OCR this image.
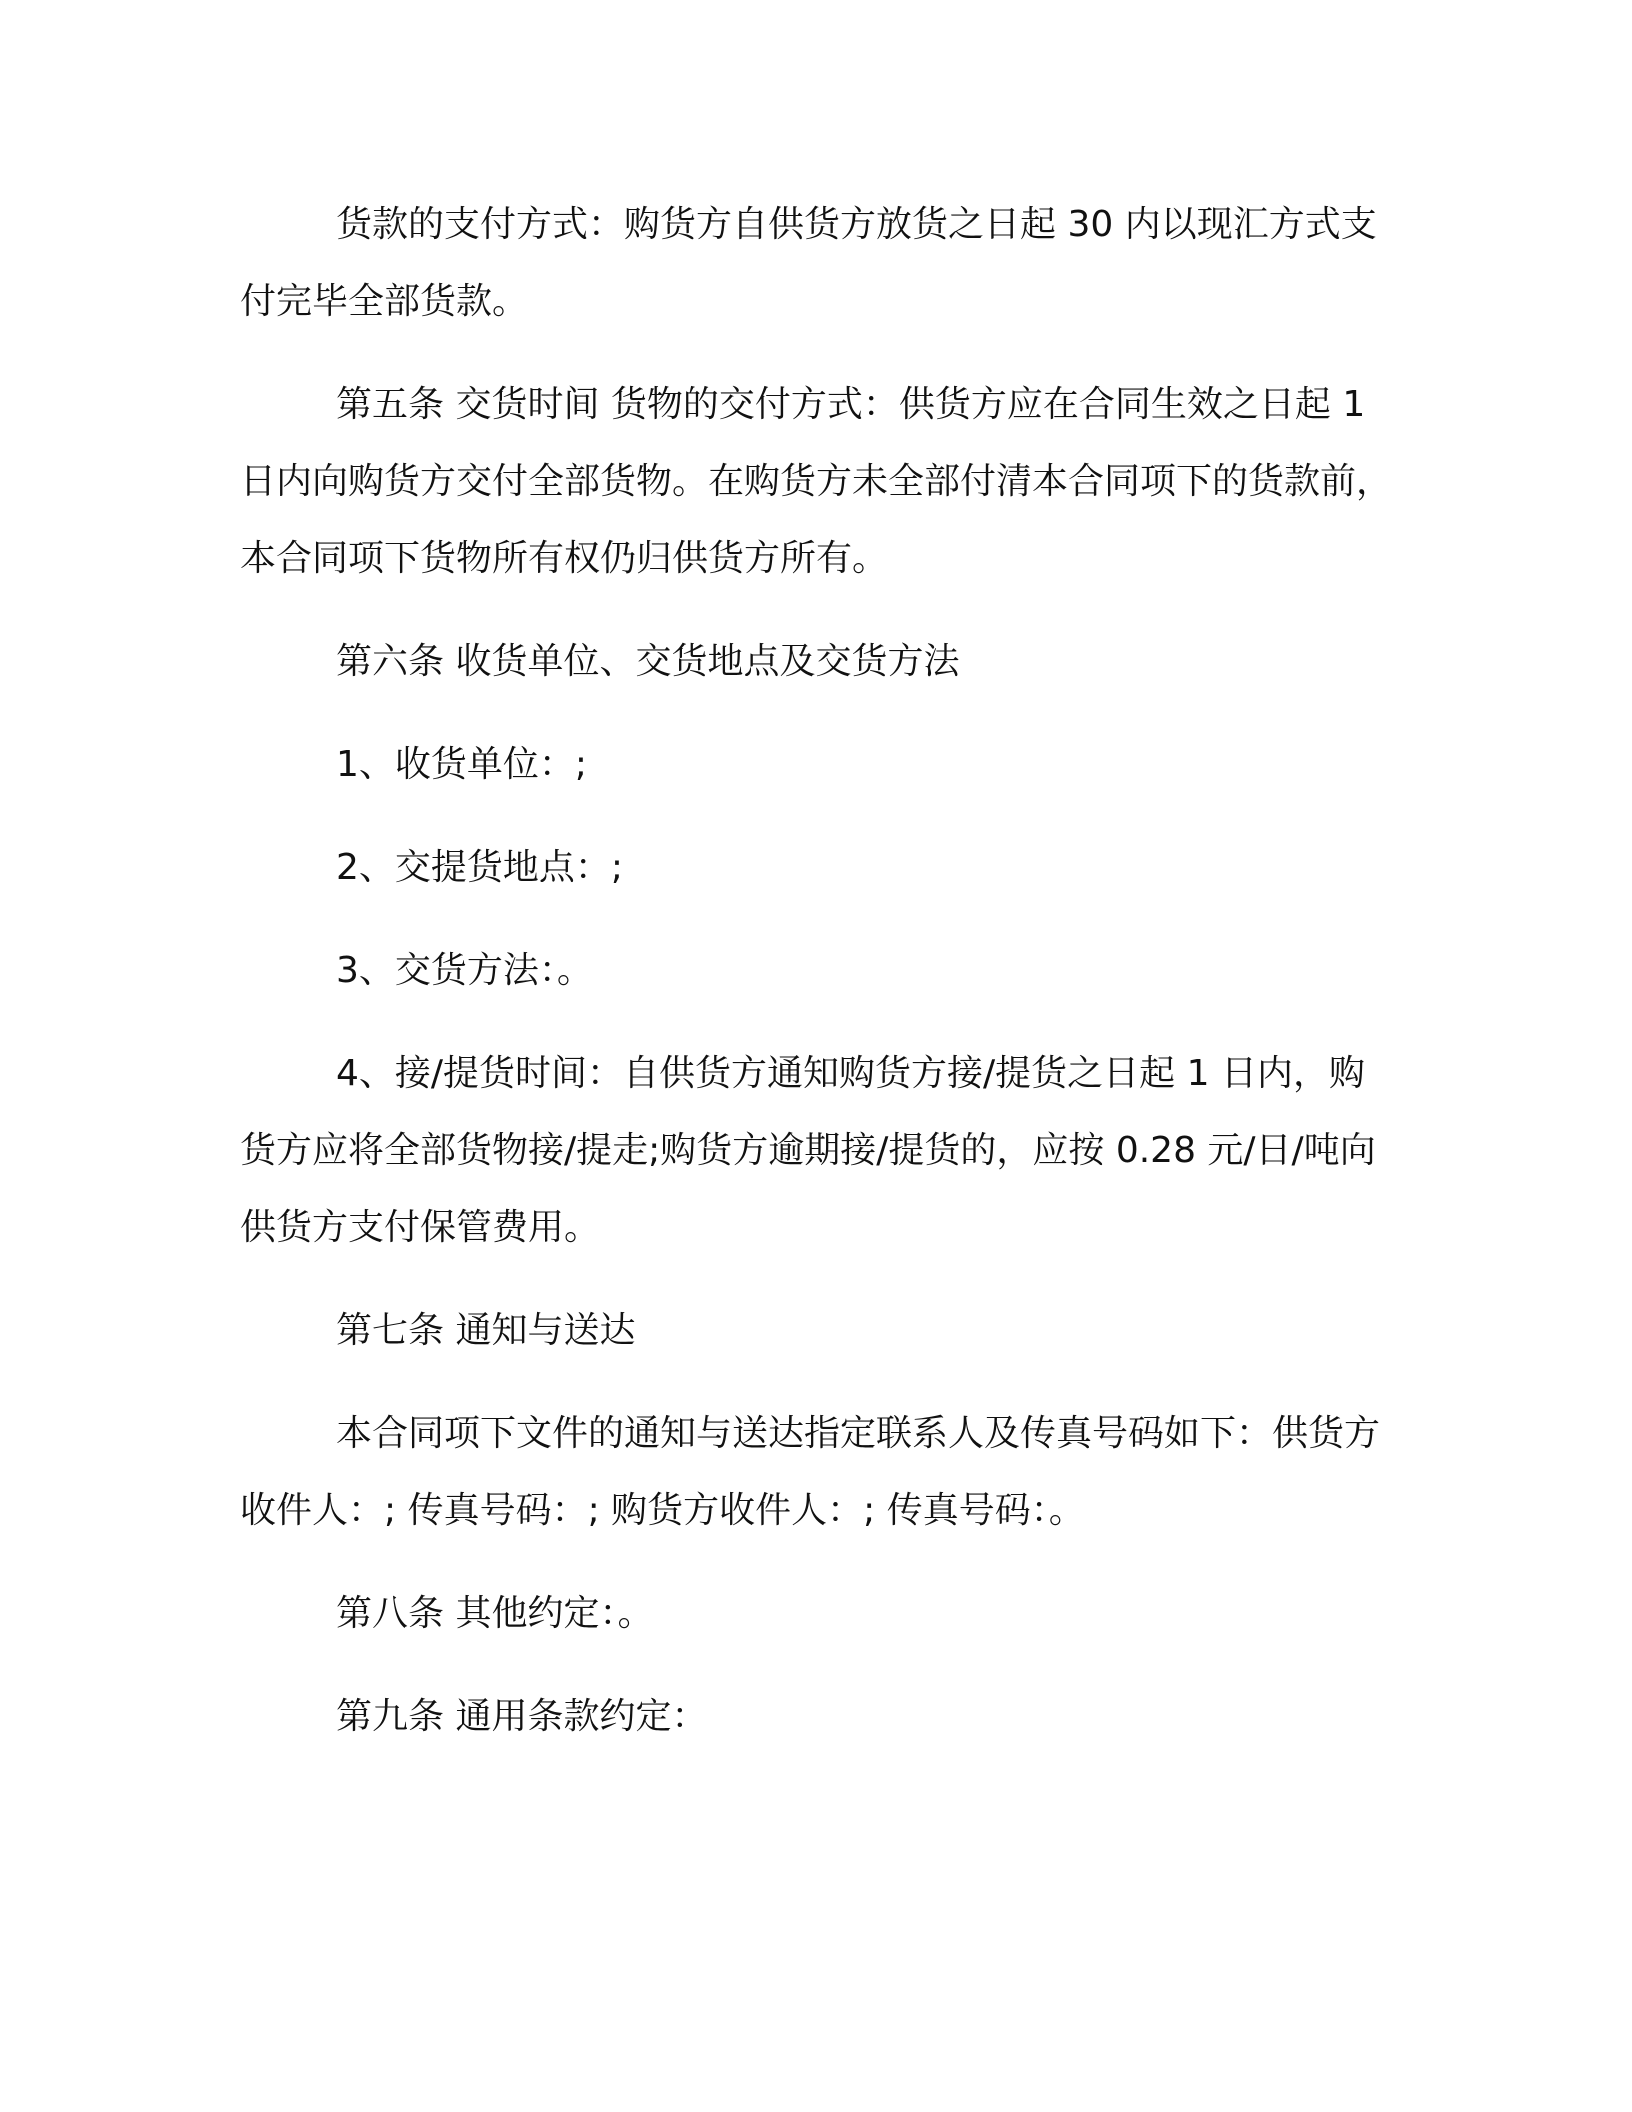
货款的支付方式：购货方自供货方放货之日起 30 内以现汇方式支付完毕全部货款。

第五条 交货时间 货物的交付方式：供货方应在合同生效之日起 1 日内向购货方交付全部货物。在购货方未全部付清本合同项下的货款前，本合同项下货物所有权仍归供货方所有。

第六条 收货单位、交货地点及交货方法

1、收货单位：;

2、交提货地点：;

3、交货方法：。

4、接/提货时间：自供货方通知购货方接/提货之日起 1 日内，购货方应将全部货物接/提走;购货方逾期接/提货的，应按 0.28 元/日/吨向供货方支付保管费用。

第七条 通知与送达

本合同项下文件的通知与送达指定联系人及传真号码如下：供货方收件人：; 传真号码：; 购货方收件人：; 传真号码：。

第八条 其他约定：。

第九条 通用条款约定：
